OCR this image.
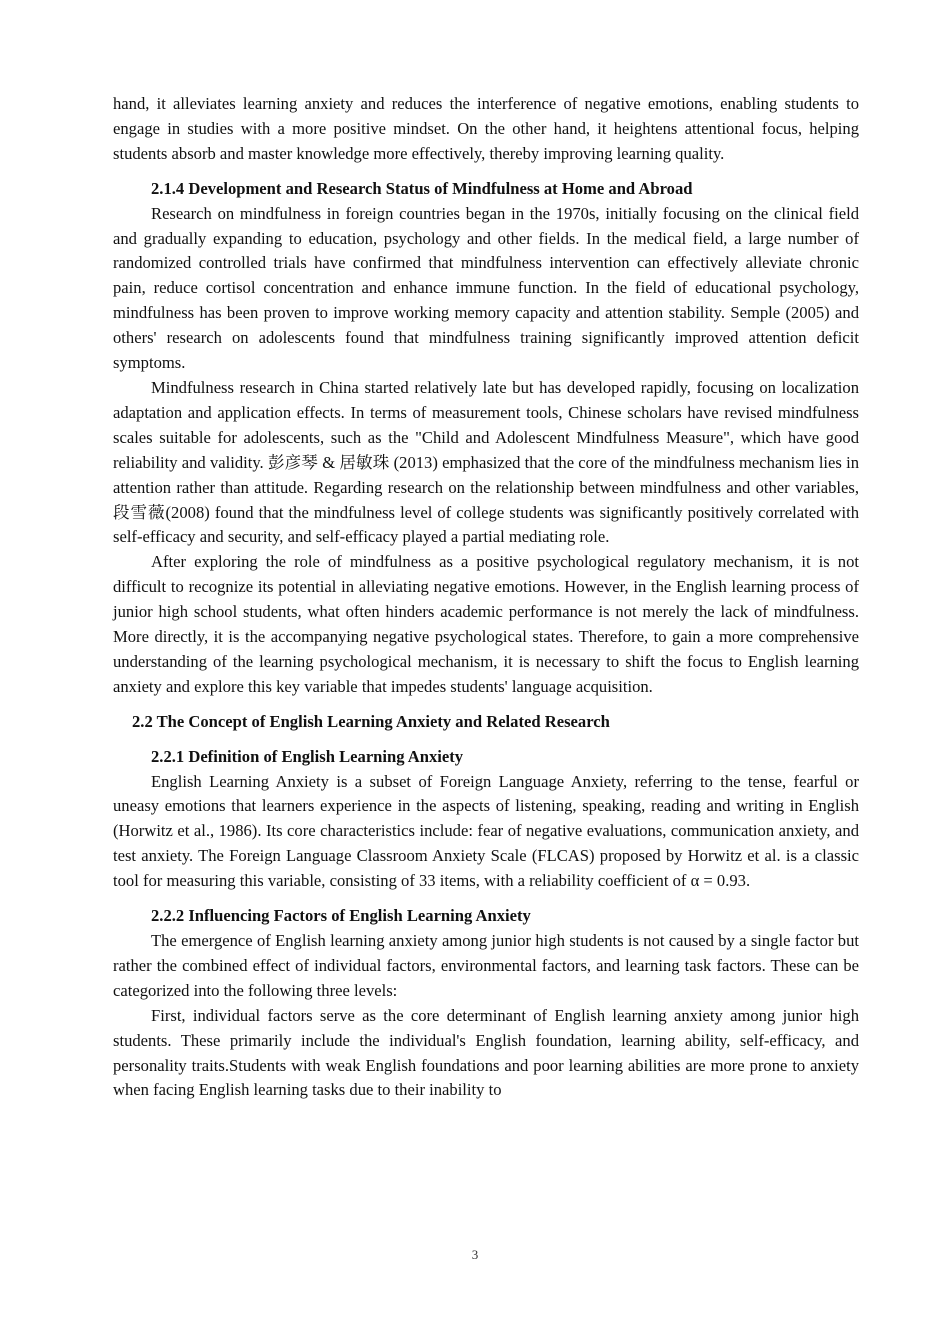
hand, it alleviates learning anxiety and reduces the interference of negative emotions, enabling students to engage in studies with a more positive mindset. On the other hand, it heightens attentional focus, helping students absorb and master knowledge more effectively, thereby improving learning quality.

2.1.4 Development and Research Status of Mindfulness at Home and Abroad

Research on mindfulness in foreign countries began in the 1970s, initially focusing on the clinical field and gradually expanding to education, psychology and other fields. In the medical field, a large number of randomized controlled trials have confirmed that mindfulness intervention can effectively alleviate chronic pain, reduce cortisol concentration and enhance immune function. In the field of educational psychology, mindfulness has been proven to improve working memory capacity and attention stability. Semple (2005) and others' research on adolescents found that mindfulness training significantly improved attention deficit symptoms.

Mindfulness research in China started relatively late but has developed rapidly, focusing on localization adaptation and application effects. In terms of measurement tools, Chinese scholars have revised mindfulness scales suitable for adolescents, such as the "Child and Adolescent Mindfulness Measure", which have good reliability and validity. 彭彦琴 & 居敏珠 (2013) emphasized that the core of the mindfulness mechanism lies in attention rather than attitude. Regarding research on the relationship between mindfulness and other variables, 段雪薇(2008) found that the mindfulness level of college students was significantly positively correlated with self-efficacy and security, and self-efficacy played a partial mediating role.

After exploring the role of mindfulness as a positive psychological regulatory mechanism, it is not difficult to recognize its potential in alleviating negative emotions. However, in the English learning process of junior high school students, what often hinders academic performance is not merely the lack of mindfulness. More directly, it is the accompanying negative psychological states. Therefore, to gain a more comprehensive understanding of the learning psychological mechanism, it is necessary to shift the focus to English learning anxiety and explore this key variable that impedes students' language acquisition.

2.2 The Concept of English Learning Anxiety and Related Research
2.2.1 Definition of English Learning Anxiety

English Learning Anxiety is a subset of Foreign Language Anxiety, referring to the tense, fearful or uneasy emotions that learners experience in the aspects of listening, speaking, reading and writing in English (Horwitz et al., 1986). Its core characteristics include: fear of negative evaluations, communication anxiety, and test anxiety. The Foreign Language Classroom Anxiety Scale (FLCAS) proposed by Horwitz et al. is a classic tool for measuring this variable, consisting of 33 items, with a reliability coefficient of α = 0.93.

2.2.2 Influencing Factors of English Learning Anxiety

The emergence of English learning anxiety among junior high students is not caused by a single factor but rather the combined effect of individual factors, environmental factors, and learning task factors. These can be categorized into the following three levels:

First, individual factors serve as the core determinant of English learning anxiety among junior high students. These primarily include the individual's English foundation, learning ability, self-efficacy, and personality traits.Students with weak English foundations and poor learning abilities are more prone to anxiety when facing English learning tasks due to their inability to

3
